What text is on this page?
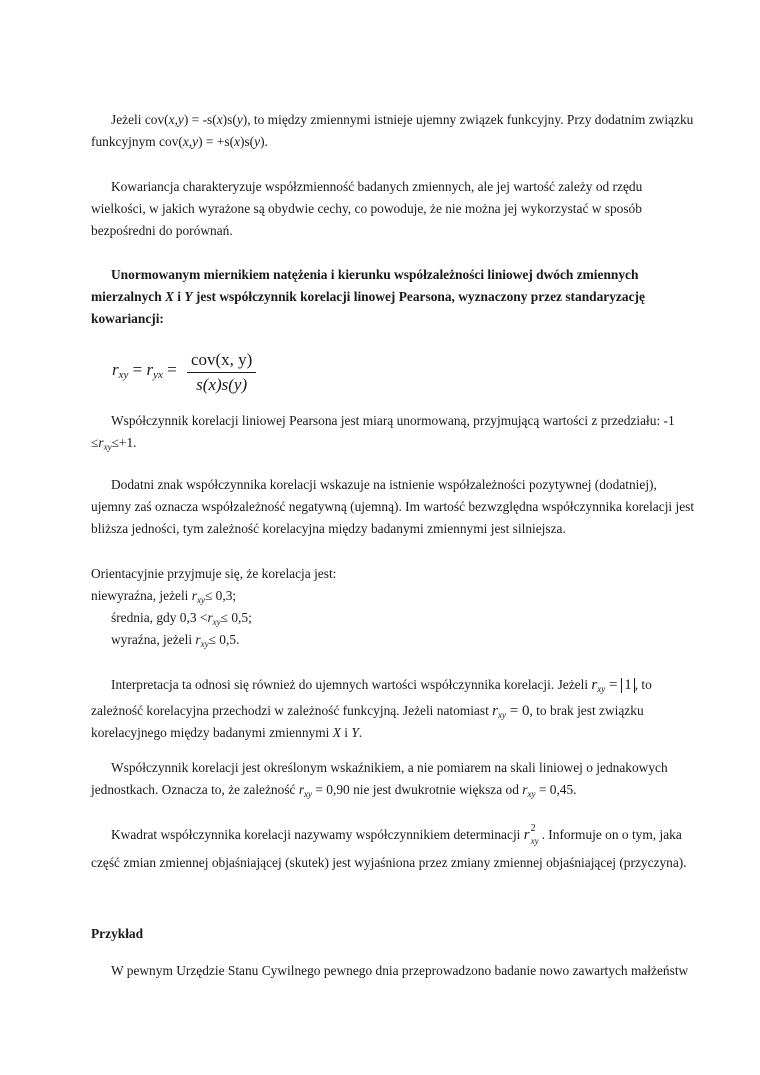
Jeżeli cov(x,y) = -s(x)s(y), to między zmiennymi istnieje ujemny związek funkcyjny. Przy dodatnim związku
funkcyjnym cov(x,y) = +s(x)s(y).
Kowariancja charakteryzuje współzmienność badanych zmiennych, ale jej wartość zależy od rzędu
wielkości, w jakich wyrażone są obydwie cechy, co powoduje, że nie można jej wykorzystać w sposób
bezpośredni do porównań.
Unormowanym miernikiem natężenia i kierunku współzależności liniowej dwóch zmiennych
mierzalnych X i Y jest współczynnik korelacji linowej Pearsona, wyznaczony przez standaryzację
kowariancji:
$r_{xy} = r_{yx} = \frac{\text{cov(x, y)}}{s(x)s(y)}$
Współczynnik korelacji liniowej Pearsona jest miarą unormowaną, przyjmującą wartości z przedziału: -1
$\le r_{xy}\le+1$.
Dodatni znak współczynnika korelacji wskazuje na istnienie współzależności pozytywnej (dodatniej),
ujemny zaś oznacza współzależność negatywną (ujemną). Im wartość bezwzględna współczynnika korelacji jest
bliższa jedności, tym zależność korelacyjna między badanymi zmiennymi jest silniejsza.
Orientacyjnie przyjmuje się, że korelacja jest:
niewyraźna, jeżeli $r_{xy}\le 0,3$;
średnia, gdy $0,3 <r_{xy}\le 0,5$;
wyraźna, jeżeli $r_{xy}\le 0,5$.
Interpretacja ta odnosi się również do ujemnych wartości współczynnika korelacji. Jeżeli $r_{xy} = 1$ , to
zależność korelacyjna przechodzi w zależność funkcyjną. Jeżeli natomiast $r_{xy} = 0$, to brak jest związku
korelacyjnego między badanymi zmiennymi X i Y.
Współczynnik korelacji jest określonym wskaźnikiem, a nie pomiarem na skali liniowej o jednakowych
jednostkach. Oznacza to, że zależność $r_{xy} = 0,90$ nie jest dwukrotnie większa od $r_{xy} = 0,45$.
Kwadrat współczynnika korelacji nazywamy współczynnikiem determinacji r 2
xy . Informuje on o tym, jaka
część zmian zmiennej objaśniającej (skutek) jest wyjaśniona przez zmiany zmiennej objaśniającej (przyczyna).
Przykład
W pewnym Urzędzie Stanu Cywilnego pewnego dnia przeprowadzono badanie nowo zawartych małżeństw
